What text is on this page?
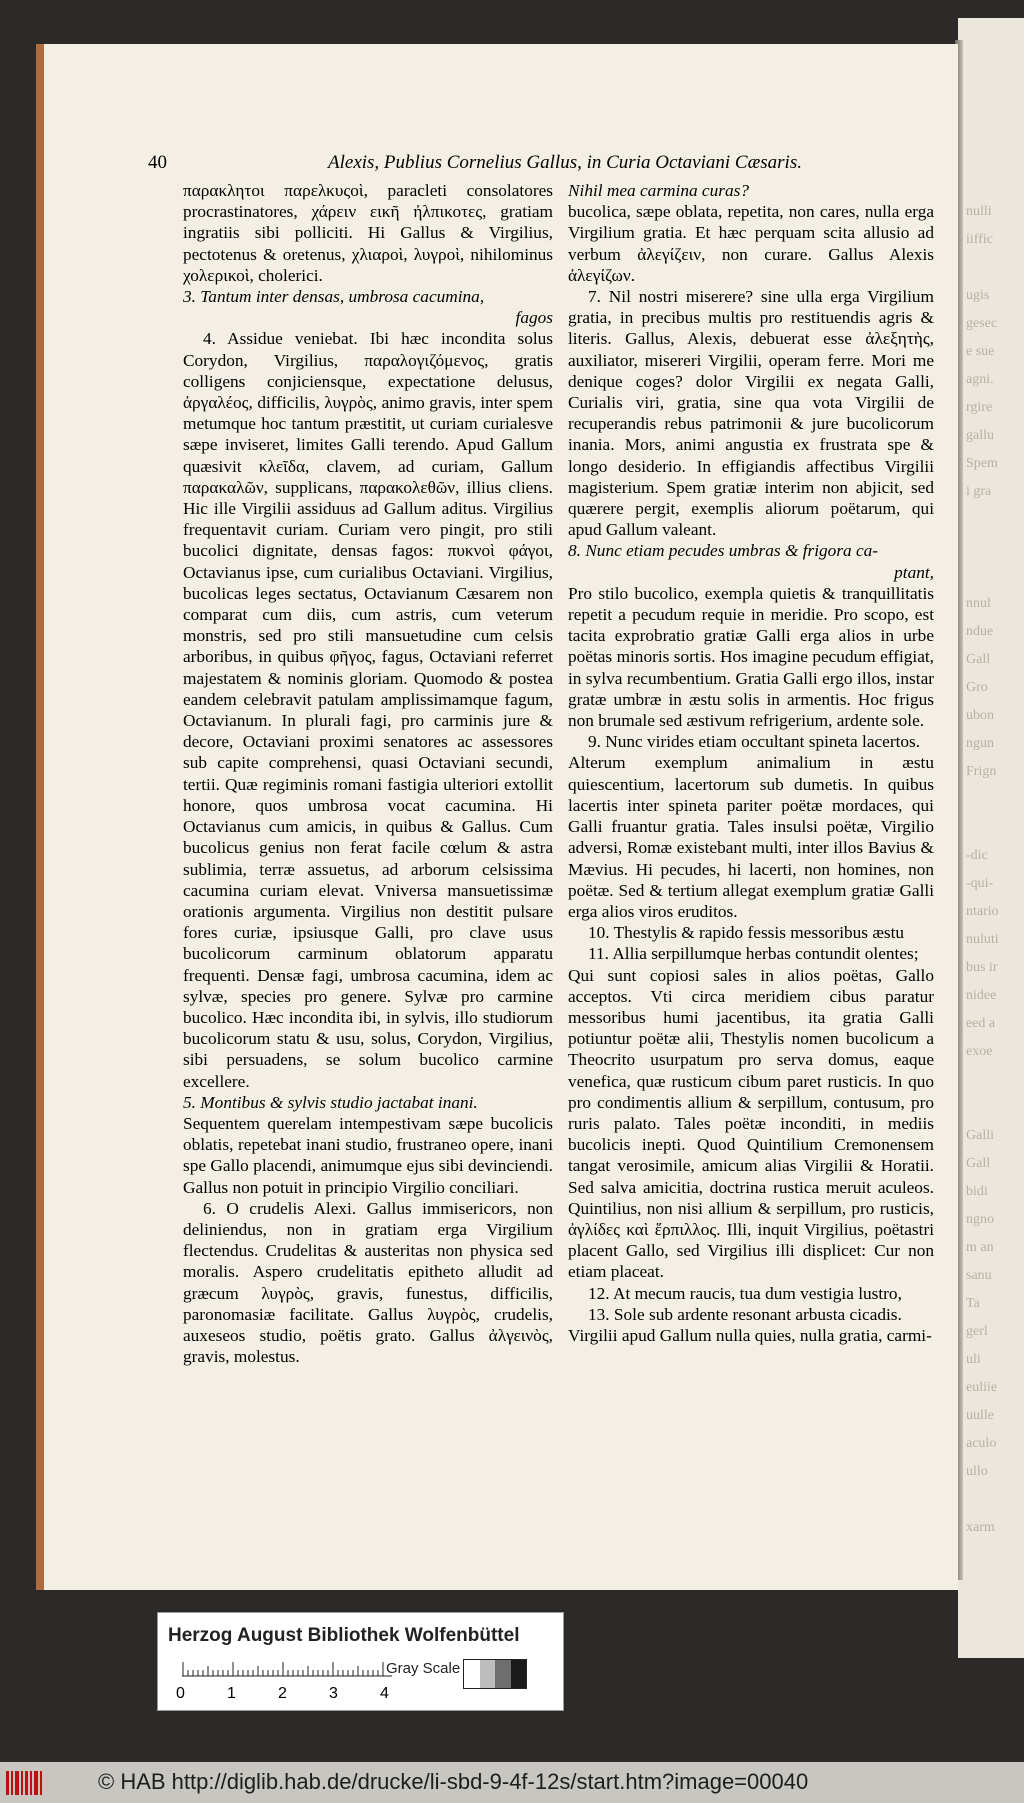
nulli
iiffic
ugis
gesec
e sue
agni.
rgire
gallu
Spem
i gra
nnul
ndue
Gall
Gro
ubon
ngun
Frign
-dic
-qui-
ntario
nuluti
bus ir
nidee
eed a
exoe
Galli
Gall
bidi
ngno
m an
sanu
Ta
gerl
uli
euliie
uulle
aculo
ullo
xarm
40	Alexis, Publius Cornelius Gallus, in Curia Octaviani Cæsaris.

παρακλητοι παρελκυςοὶ, paracleti consolatores procrastinatores, χάρειν εικῆ ἠλπικοτες, gratiam ingratiis sibi polliciti. Hi Gallus & Virgilius, pectotenus & oretenus, χλιαροὶ, λυγροὶ, nihilominus χολερικοὶ, cholerici.

3. Tantum inter densas, umbrosa cacumina,

fagos

4. Assidue veniebat. Ibi hæc incondita solus Corydon, Virgilius, παραλογιζόμενος, gratis colligens conjiciensque, expectatione delusus, ἀργαλέος, difficilis, λυγρὸς, animo gravis, inter spem metumque hoc tantum præstitit, ut curiam curialesve sæpe inviseret, limites Galli terendo. Apud Gallum quæsivit κλεῖδα, clavem, ad curiam, Gallum παρακαλῶν, supplicans, παρακολεθῶν, illius cliens. Hic ille Virgilii assiduus ad Gallum aditus. Virgilius frequentavit curiam. Curiam vero pingit, pro stili bucolici dignitate, densas fagos: πυκνοὶ φάγοι, Octavianus ipse, cum curialibus Octaviani. Virgilius, bucolicas leges sectatus, Octavianum Cæsarem non comparat cum diis, cum astris, cum veterum monstris, sed pro stili mansuetudine cum celsis arboribus, in quibus φῆγος, fagus, Octaviani referret majestatem & nominis gloriam. Quomodo & postea eandem celebravit patulam amplissimamque fagum, Octavianum. In plurali fagi, pro carminis jure & decore, Octaviani proximi senatores ac assessores sub capite comprehensi, quasi Octaviani secundi, tertii. Quæ regiminis romani fastigia ulteriori extollit honore, quos umbrosa vocat cacumina. Hi Octavianus cum amicis, in quibus & Gallus. Cum bucolicus genius non ferat facile cœlum & astra sublimia, terræ assuetus, ad arborum celsissima cacumina curiam elevat. Vniversa mansuetissimæ orationis argumenta. Virgilius non destitit pulsare fores curiæ, ipsiusque Galli, pro clave usus bucolicorum carminum oblatorum apparatu frequenti. Densæ fagi, umbrosa cacumina, idem ac sylvæ, species pro genere. Sylvæ pro carmine bucolico. Hæc incondita ibi, in sylvis, illo studiorum bucolicorum statu & usu, solus, Corydon, Virgilius, sibi persuadens, se solum bucolico carmine excellere.

5. Montibus & sylvis studio jactabat inani.

Sequentem querelam intempestivam sæpe bucolicis oblatis, repetebat inani studio, frustraneo opere, inani spe Gallo placendi, animumque ejus sibi devinciendi. Gallus non potuit in principio Virgilio conciliari.

6. O crudelis Alexi. Gallus immisericors, non deliniendus, non in gratiam erga Virgilium flectendus. Crudelitas & austeritas non physica sed moralis. Aspero crudelitatis epitheto alludit ad græcum λυγρὸς, gravis, funestus, difficilis, paronomasiæ facilitate. Gallus λυγρὸς, crudelis, auxeseos studio, poëtis grato. Gallus ἀλγεινὸς, gravis, molestus.

Nihil mea carmina curas?

bucolica, sæpe oblata, repetita, non cares, nulla erga Virgilium gratia. Et hæc perquam scita allusio ad verbum ἀλεγίζειν, non curare. Gallus Alexis ἀλεγίζων.

7. Nil nostri miserere? sine ulla erga Virgilium gratia, in precibus multis pro restituendis agris & literis. Gallus, Alexis, debuerat esse ἀλεξητὴς, auxiliator, misereri Virgilii, operam ferre. Mori me denique coges? dolor Virgilii ex negata Galli, Curialis viri, gratia, sine qua vota Virgilii de recuperandis rebus patrimonii & jure bucolicorum inania. Mors, animi angustia ex frustrata spe & longo desiderio. In effigiandis affectibus Virgilii magisterium. Spem gratiæ interim non abjicit, sed quærere pergit, exemplis aliorum poëtarum, qui apud Gallum valeant.

8. Nunc etiam pecudes umbras & frigora ca-

ptant,

Pro stilo bucolico, exempla quietis & tranquillitatis repetit a pecudum requie in meridie. Pro scopo, est tacita exprobratio gratiæ Galli erga alios in urbe poëtas minoris sortis. Hos imagine pecudum effigiat, in sylva recumbentium. Gratia Galli ergo illos, instar gratæ umbræ in æstu solis in armentis. Hoc frigus non brumale sed æstivum refrigerium, ardente sole.

9. Nunc virides etiam occultant spineta lacertos.

Alterum exemplum animalium in æstu quiescentium, lacertorum sub dumetis. In quibus lacertis inter spineta pariter poëtæ mordaces, qui Galli fruantur gratia. Tales insulsi poëtæ, Virgilio adversi, Romæ existebant multi, inter illos Bavius & Mævius. Hi pecudes, hi lacerti, non homines, non poëtæ. Sed & tertium allegat exemplum gratiæ Galli erga alios viros eruditos.

10. Thestylis & rapido fessis messoribus æstu

11. Allia serpillumque herbas contundit olentes;

Qui sunt copiosi sales in alios poëtas, Gallo acceptos. Vti circa meridiem cibus paratur messoribus humi jacentibus, ita gratia Galli potiuntur poëtæ alii, Thestylis nomen bucolicum a Theocrito usurpatum pro serva domus, eaque venefica, quæ rusticum cibum paret rusticis. In quo pro condimentis allium & serpillum, contusum, pro ruris palato. Tales poëtæ inconditi, in mediis bucolicis inepti. Quod Quintilium Cremonensem tangat verosimile, amicum alias Virgilii & Horatii. Sed salva amicitia, doctrina rustica meruit aculeos. Quintilius, non nisi allium & serpillum, pro rusticis, ἀγλίδες καὶ ἕρπιλλος. Illi, inquit Virgilius, poëtastri placent Gallo, sed Virgilius illi displicet: Cur non etiam placeat.

12. At mecum raucis, tua dum vestigia lustro,

13. Sole sub ardente resonant arbusta cicadis.

Virgilii apud Gallum nulla quies, nulla gratia, carmi-

Herzog August Bibliothek Wolfenbüttel
Gray Scale
0	1	2	3	4
© HAB http://diglib.hab.de/drucke/li-sbd-9-4f-12s/start.htm?image=00040
